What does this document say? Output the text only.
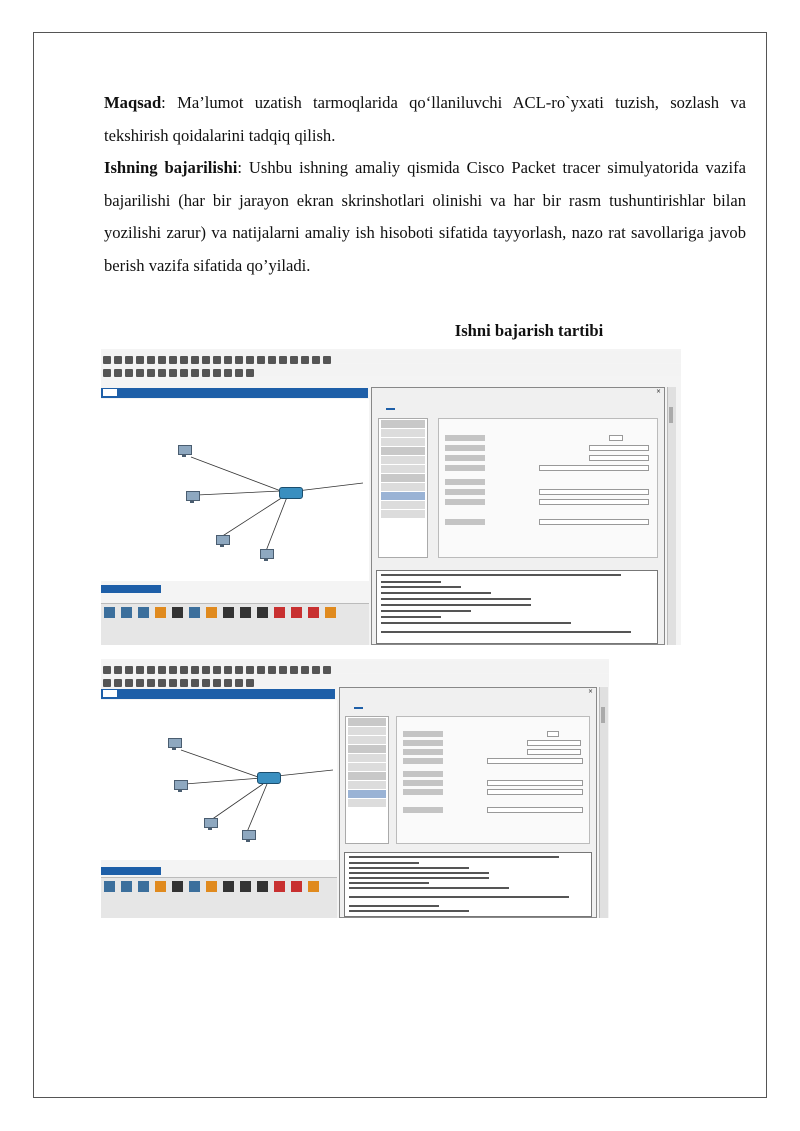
Maqsad: Ma’lumot uzatish tarmoqlarida qo‘llaniluvchi ACL-ro`yxati tuzish, sozlash va tekshirish qoidalarini tadqiq qilish.

Ishning bajarilishi: Ushbu ishning amaliy qismida Cisco Packet tracer simulyatorida vazifa bajarilishi (har bir jarayon ekran skrinshotlari olinishi va har bir rasm tushuntirishlar bilan yozilishi zarur) va natijalarni amaliy ish hisoboti sifatida tayyorlash, nazo rat savollariga javob berish vazifa sifatida qo’yiladi.

Ishni bajarish tartibi

×

×
